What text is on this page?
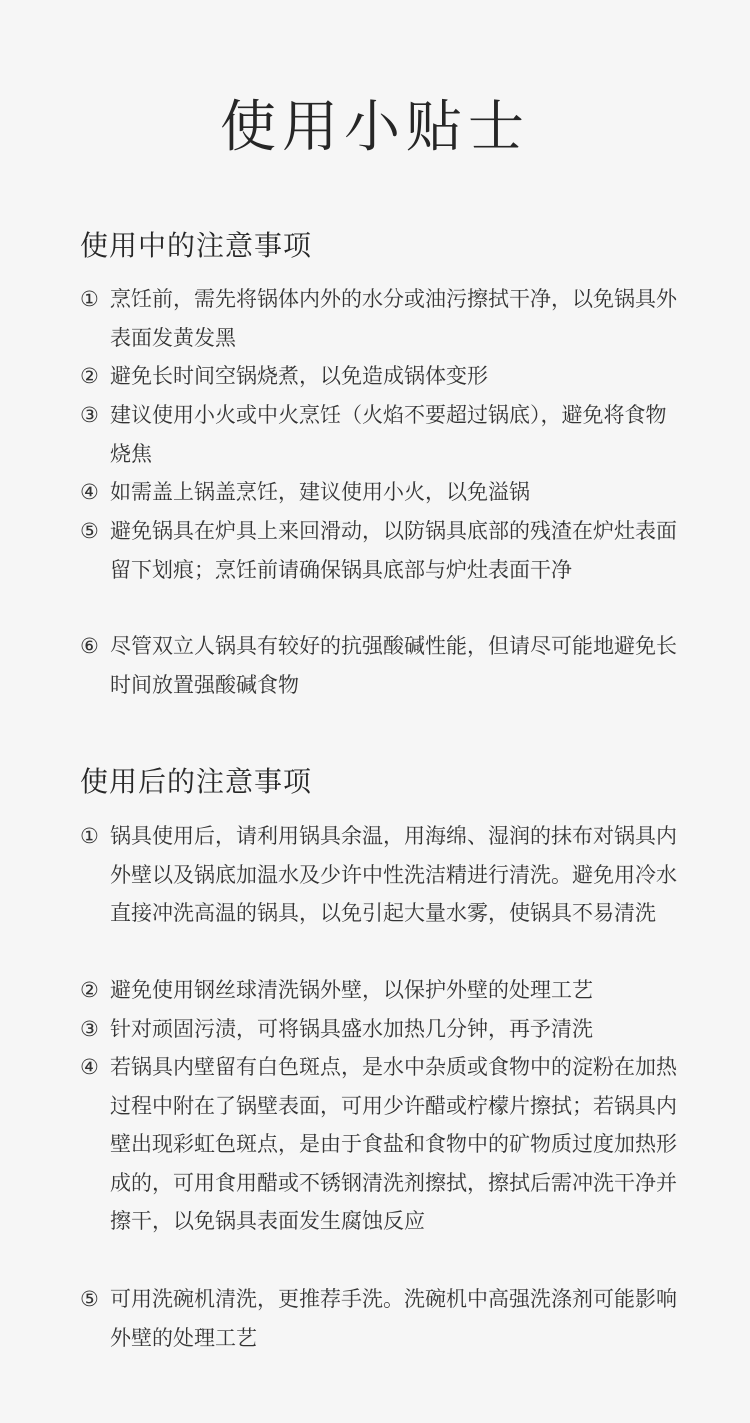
使用小贴士
使用中的注意事项
① 烹饪前，需先将锅体内外的水分或油污擦拭干净，以免锅具外表面发黄发黑
② 避免长时间空锅烧煮，以免造成锅体变形
③ 建议使用小火或中火烹饪（火焰不要超过锅底），避免将食物烧焦
④ 如需盖上锅盖烹饪，建议使用小火，以免溢锅
⑤ 避免锅具在炉具上来回滑动，以防锅具底部的残渣在炉灶表面留下划痕；烹饪前请确保锅具底部与炉灶表面干净
⑥ 尽管双立人锅具有较好的抗强酸碱性能，但请尽可能地避免长时间放置强酸碱食物
使用后的注意事项
① 锅具使用后，请利用锅具余温，用海绵、湿润的抹布对锅具内外壁以及锅底加温水及少许中性洗洁精进行清洗。避免用冷水直接冲洗高温的锅具，以免引起大量水雾，使锅具不易清洗
② 避免使用钢丝球清洗锅外壁，以保护外壁的处理工艺
③ 针对顽固污渍，可将锅具盛水加热几分钟，再予清洗
④ 若锅具内壁留有白色斑点，是水中杂质或食物中的淀粉在加热过程中附在了锅壁表面，可用少许醋或柠檬片擦拭；若锅具内壁出现彩虹色斑点，是由于食盐和食物中的矿物质过度加热形成的，可用食用醋或不锈钢清洗剂擦拭，擦拭后需冲洗干净并擦干，以免锅具表面发生腐蚀反应
⑤ 可用洗碗机清洗，更推荐手洗。洗碗机中高强洗涤剂可能影响外壁的处理工艺
